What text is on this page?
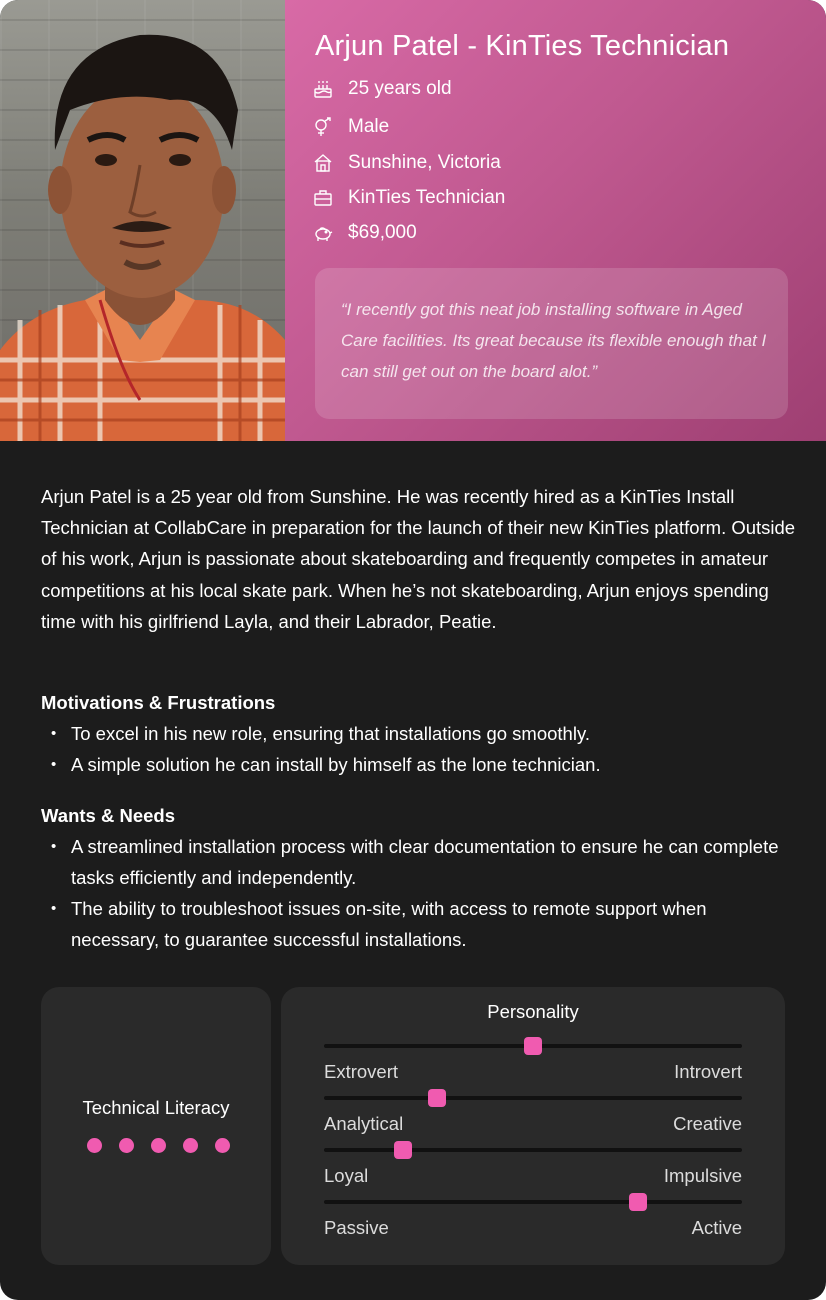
Arjun Patel - KinTies Technician
25 years old
Male
Sunshine, Victoria
KinTies Technician
$69,000

“I recently got this neat job installing software in Aged Care facilities. Its great because its flexible enough that I can still get out on the board alot.”

Arjun Patel is a 25 year old from Sunshine. He was recently hired as a KinTies Install Technician at CollabCare in preparation for the launch of their new KinTies platform. Outside of his work, Arjun is passionate about skateboarding and frequently competes in amateur competitions at his local skate park. When he’s not skateboarding, Arjun enjoys spending time with his girlfriend Layla, and their Labrador, Peatie.

Motivations & Frustrations
• To excel in his new role, ensuring that installations go smoothly.
• A simple solution he can install by himself as the lone technician.
Wants & Needs
• A streamlined installation process with clear documentation to ensure he can complete tasks efficiently and independently.
• The ability to troubleshoot issues on-site, with access to remote support when necessary, to guarantee successful installations.
Technical Literacy
Personality
Extrovert	Introvert
Analytical	Creative
Loyal	Impulsive
Passive	Active
